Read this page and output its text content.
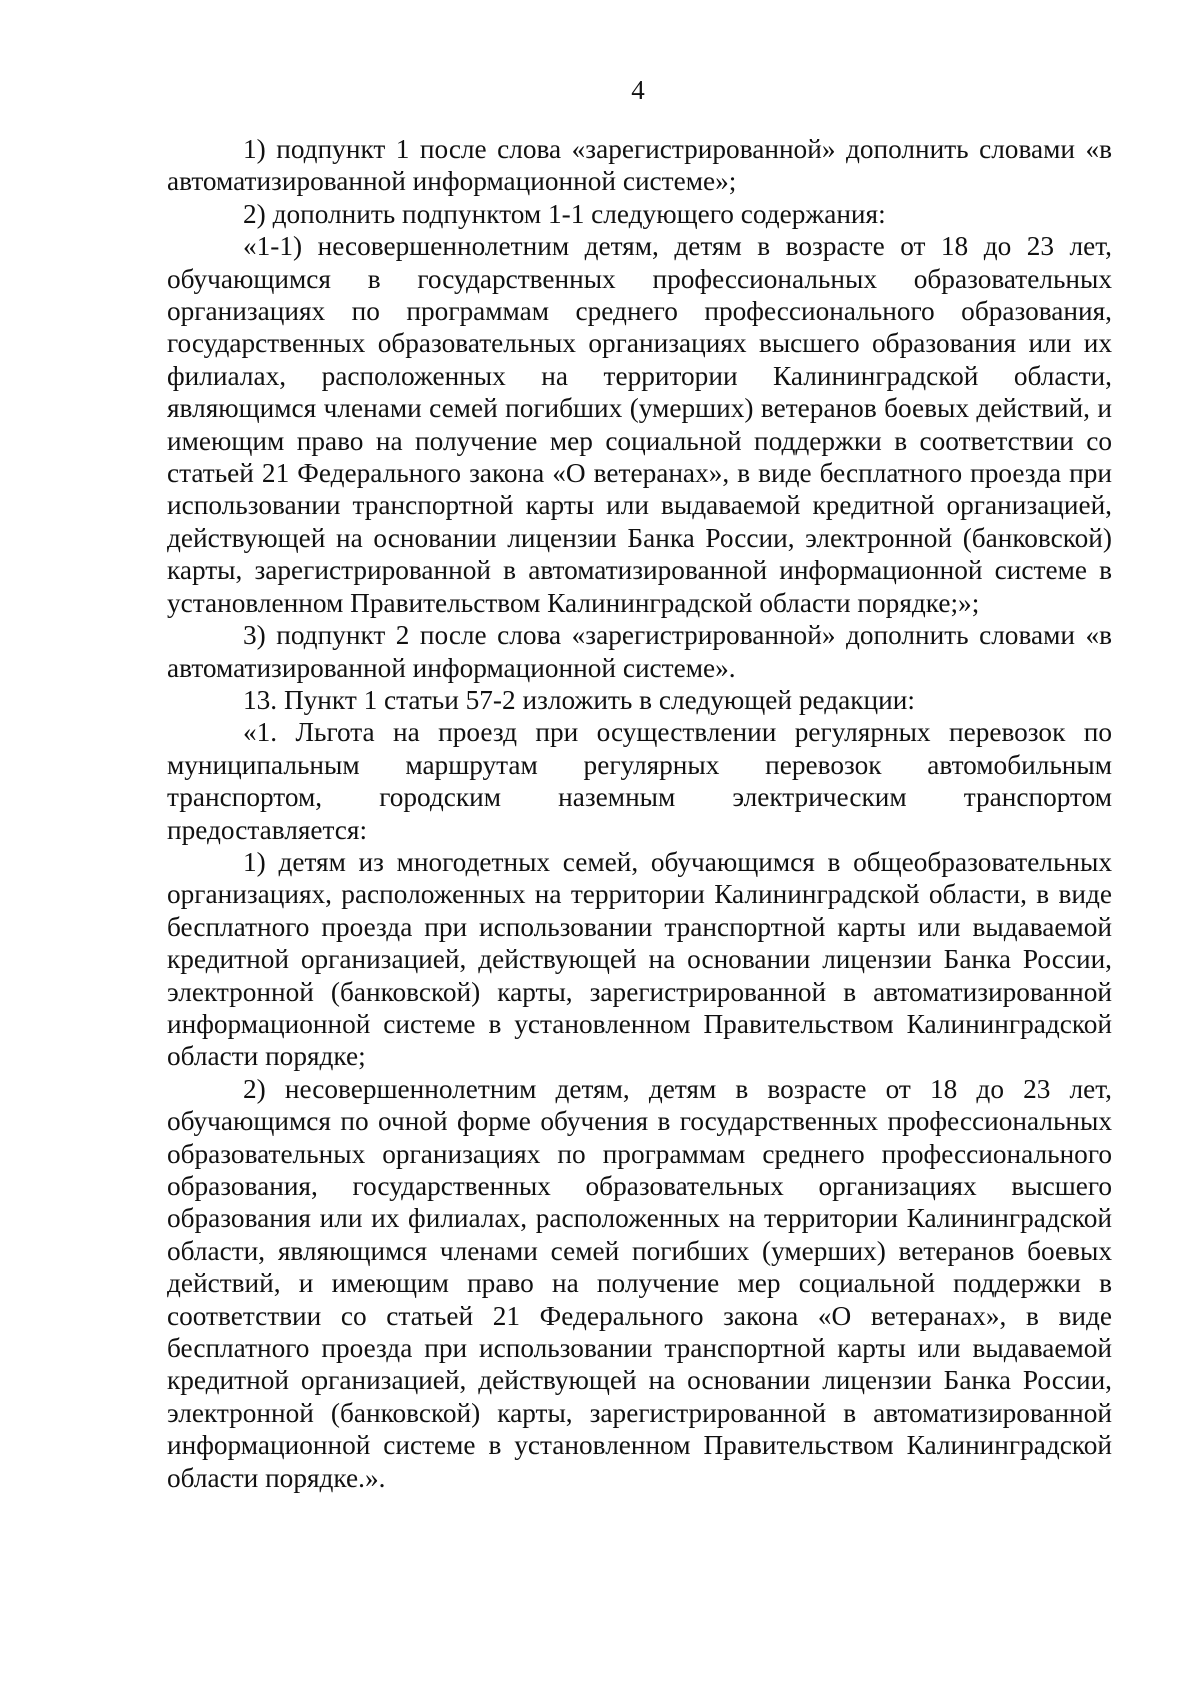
4

1) подпункт 1 после слова «зарегистрированной» дополнить словами «в автоматизированной информационной системе»;

2) дополнить подпунктом 1-1 следующего содержания:

«1-1) несовершеннолетним детям, детям в возрасте от 18 до 23 лет, обучающимся в государственных профессиональных образовательных организациях по программам среднего профессионального образования, государственных образовательных организациях высшего образования или их филиалах, расположенных на территории Калининградской области, являющимся членами семей погибших (умерших) ветеранов боевых действий, и имеющим право на получение мер социальной поддержки в соответствии со статьей 21 Федерального закона «О ветеранах», в виде бесплатного проезда при использовании транспортной карты или выдаваемой кредитной организацией, действующей на основании лицензии Банка России, электронной (банковской) карты, зарегистрированной в автоматизированной информационной системе в установленном Правительством Калининградской области порядке;»;

3) подпункт 2 после слова «зарегистрированной» дополнить словами «в автоматизированной информационной системе».

13. Пункт 1 статьи 57-2 изложить в следующей редакции:

«1. Льгота на проезд при осуществлении регулярных перевозок по муниципальным маршрутам регулярных перевозок автомобильным транспортом, городским наземным электрическим транспортом предоставляется:

1) детям из многодетных семей, обучающимся в общеобразовательных организациях, расположенных на территории Калининградской области, в виде бесплатного проезда при использовании транспортной карты или выдаваемой кредитной организацией, действующей на основании лицензии Банка России, электронной (банковской) карты, зарегистрированной в автоматизированной информационной системе в установленном Правительством Калининградской области порядке;

2) несовершеннолетним детям, детям в возрасте от 18 до 23 лет, обучающимся по очной форме обучения в государственных профессиональных образовательных организациях по программам среднего профессионального образования, государственных образовательных организациях высшего образования или их филиалах, расположенных на территории Калининградской области, являющимся членами семей погибших (умерших) ветеранов боевых действий, и имеющим право на получение мер социальной поддержки в соответствии со статьей 21 Федерального закона «О ветеранах», в виде бесплатного проезда при использовании транспортной карты или выдаваемой кредитной организацией, действующей на основании лицензии Банка России, электронной (банковской) карты, зарегистрированной в автоматизированной информационной системе в установленном Правительством Калининградской области порядке.».
